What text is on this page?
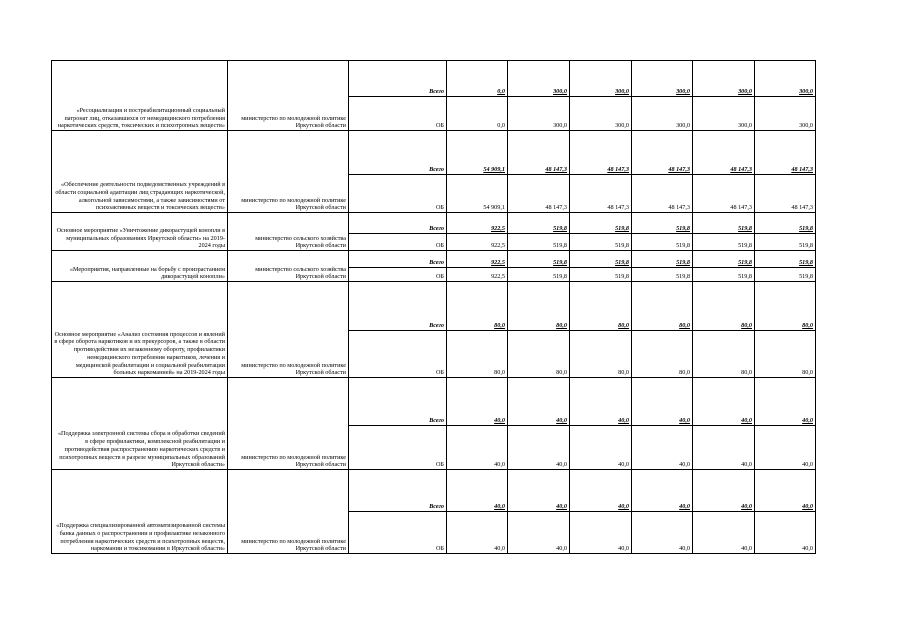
«Ресоциализация и постреабилитационный социальный патронат лиц, отказавшихся от немедицинского потребления наркотических средств, токсических и психотропных веществ»	министерство по молодежной политике Иркутской области	Всего	0,0	300,0	300,0	300,0	300,0	300,0
		ОБ	0,0	300,0	300,0	300,0	300,0	300,0
«Обеспечение деятельности подведомственных учреждений в области социальной адаптации лиц страдающих наркотической, алкогольной зависимостями, а также зависимостями от психоактивных веществ и токсических веществ»	министерство по молодежной политике Иркутской области	Всего	54 909,1	48 147,3	48 147,3	48 147,3	48 147,3	48 147,3
		ОБ	54 909,1	48 147,3	48 147,3	48 147,3	48 147,3	48 147,3
Основное мероприятие «Уничтожение дикорастущей конопли в муниципальных образованиях Иркутской области» на 2019-2024 годы	министерство сельского хозяйства Иркутской области	Всего	922,5	519,8	519,8	519,8	519,8	519,8
		ОБ	922,5	519,8	519,8	519,8	519,8	519,8
«Мероприятия, направленные на борьбу с произрастанием дикорастущей конопли»	министерство сельского хозяйства Иркутской области	Всего	922,5	519,8	519,8	519,8	519,8	519,8
		ОБ	922,5	519,8	519,8	519,8	519,8	519,8
Основное мероприятие «Анализ состояния процессов и явлений в сфере оборота наркотиков и их прекурсоров, а также в области противодействия их незаконному обороту, профилактики немедицинского потребления наркотиков, лечения и медицинской реабилитации и социальной реабилитации больных наркоманией» на 2019-2024 годы	министерство по молодежной политике Иркутской области	Всего	80,0	80,0	80,0	80,0	80,0	80,0
		ОБ	80,0	80,0	80,0	80,0	80,0	80,0
«Поддержка электронной системы сбора и обработки сведений в сфере профилактики, комплексной реабилитации и противодействия распространению наркотических средств и психотропных веществ в разрезе муниципальных образований Иркутской области»	министерство по молодежной политике Иркутской области	Всего	40,0	40,0	40,0	40,0	40,0	40,0
		ОБ	40,0	40,0	40,0	40,0	40,0	40,0
«Поддержка специализированной автоматизированной системы банка данных о распространении и профилактике незаконного потребления наркотических средств и психотропных веществ, наркомании и токсикомании в Иркутской области»	министерство по молодежной политике Иркутской области	Всего	40,0	40,0	40,0	40,0	40,0	40,0
		ОБ	40,0	40,0	40,0	40,0	40,0	40,0
